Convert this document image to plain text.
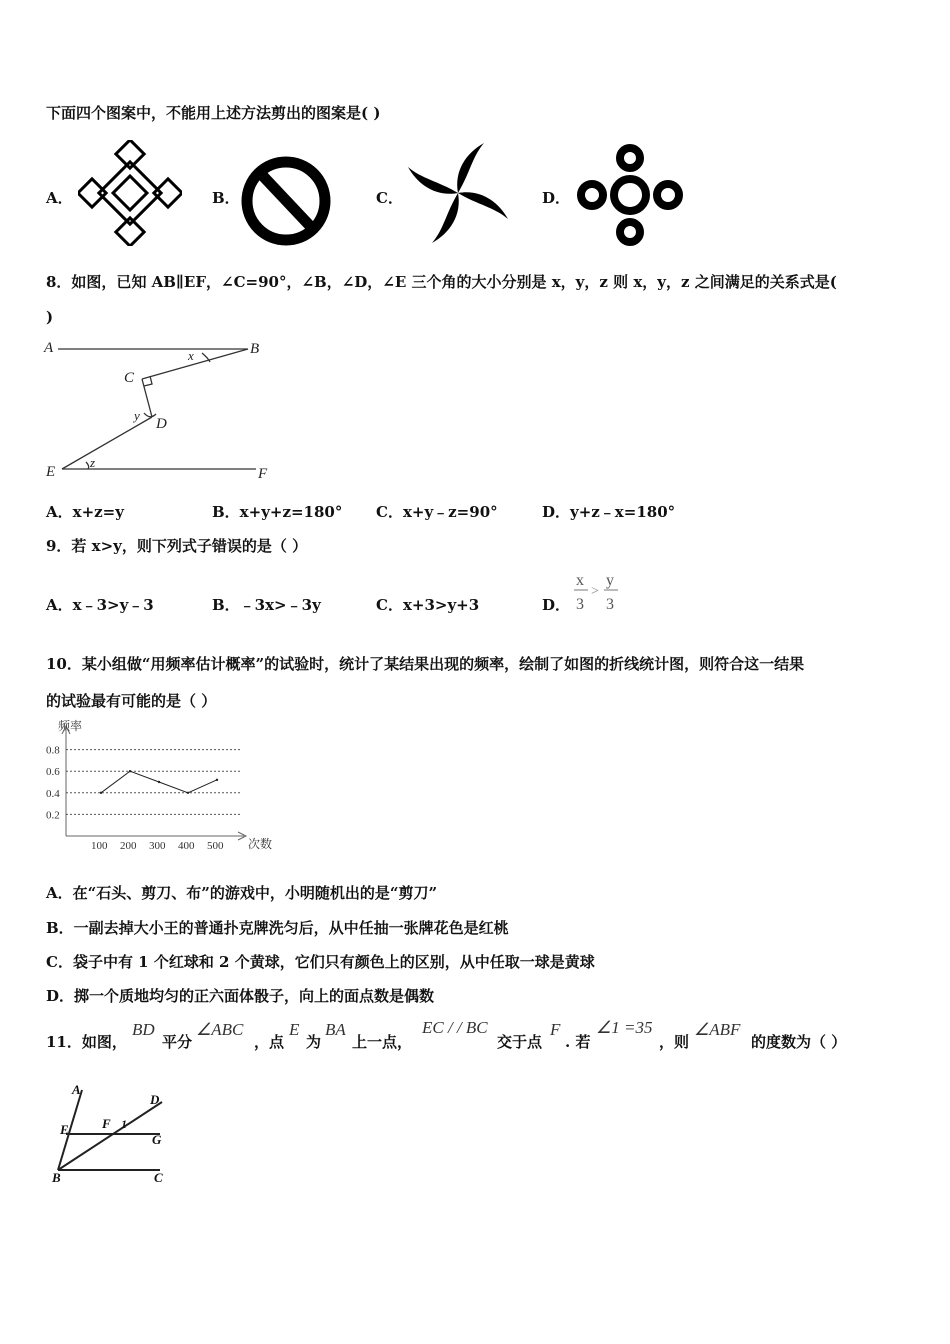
下面四个图案中，不能用上述方法剪出的图案是( )
A．	B．	C．	D．
8．如图，已知 AB∥EF，∠C=90°，∠B，∠D，∠E 三个角的大小分别是 x，y，z 则 x，y，z 之间满足的关系式是(
)
A	B
C
D
E	F
x
y
z
A．x+z=y	B．x+y+z=180° C．x+y﹣z=90°	D．y+z﹣x=180°
9．若 x>y，则下列式子错误的是（ ）
A．x﹣3>y﹣3	B．﹣3x>﹣3y	C．x+3>y+3	D．
x
3
>
y
3
10．某小组做“用频率估计概率”的试验时，统计了某结果出现的频率，绘制了如图的折线统计图，则符合这一结果
的试验最有可能的是（ ）
0.2
0.4
0.6
0.8
100 200 300 400 500
频率
次数
A．在“石头、剪刀、布”的游戏中，小明随机出的是“剪刀”
B．一副去掉大小王的普通扑克牌洗匀后，从中任抽一张牌花色是红桃
C．袋子中有 1 个红球和 2 个黄球，它们只有颜色上的区别，从中任取一球是黄球
D．掷一个质地均匀的正六面体骰子，向上的面点数是偶数
11．如图，
BD
平分
∠ABC
，点
E
为
BA
上一点，
EC / / BC
交于点
F
. 若
∠1 =35
，则
∠ABF
的度数为（ ）
A
D
E	F 1
G
B	C
